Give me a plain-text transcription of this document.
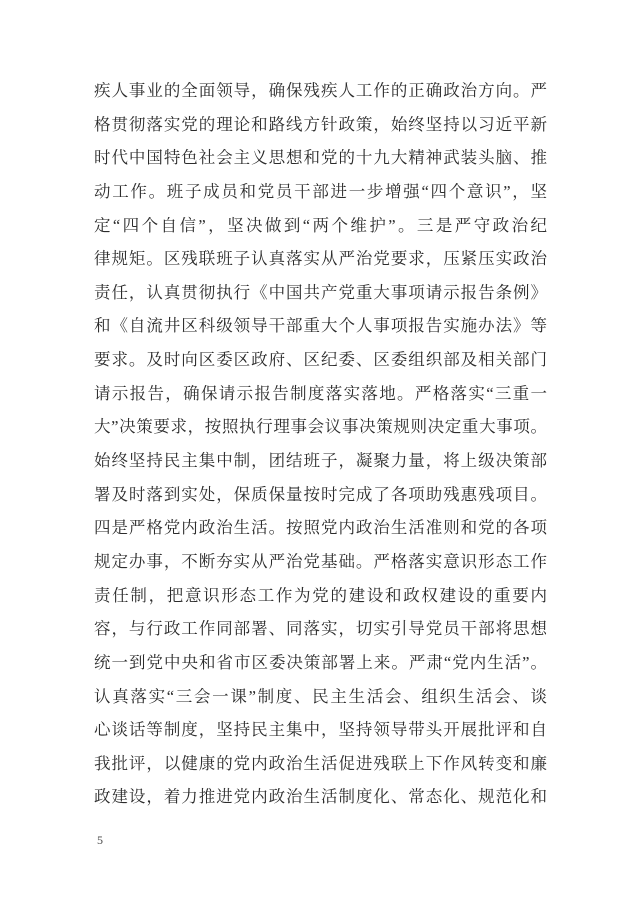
疾人事业的全面领导，确保残疾人工作的正确政治方向。严
格贯彻落实党的理论和路线方针政策，始终坚持以习近平新
时代中国特色社会主义思想和党的十九大精神武装头脑、推
动工作。班子成员和党员干部进一步增强“四个意识”，坚
定“四个自信”，坚决做到“两个维护”。三是严守政治纪
律规矩。区残联班子认真落实从严治党要求，压紧压实政治
责任，认真贯彻执行《中国共产党重大事项请示报告条例》
和《自流井区科级领导干部重大个人事项报告实施办法》等
要求。及时向区委区政府、区纪委、区委组织部及相关部门
请示报告，确保请示报告制度落实落地。严格落实“三重一
大”决策要求，按照执行理事会议事决策规则决定重大事项。
始终坚持民主集中制，团结班子，凝聚力量，将上级决策部
署及时落到实处，保质保量按时完成了各项助残惠残项目。
四是严格党内政治生活。按照党内政治生活准则和党的各项
规定办事，不断夯实从严治党基础。严格落实意识形态工作
责任制，把意识形态工作为党的建设和政权建设的重要内
容，与行政工作同部署、同落实，切实引导党员干部将思想
统一到党中央和省市区委决策部署上来。严肃“党内生活”。
认真落实“三会一课”制度、民主生活会、组织生活会、谈
心谈话等制度，坚持民主集中，坚持领导带头开展批评和自
我批评，以健康的党内政治生活促进残联上下作风转变和廉
政建设，着力推进党内政治生活制度化、常态化、规范化和
5
